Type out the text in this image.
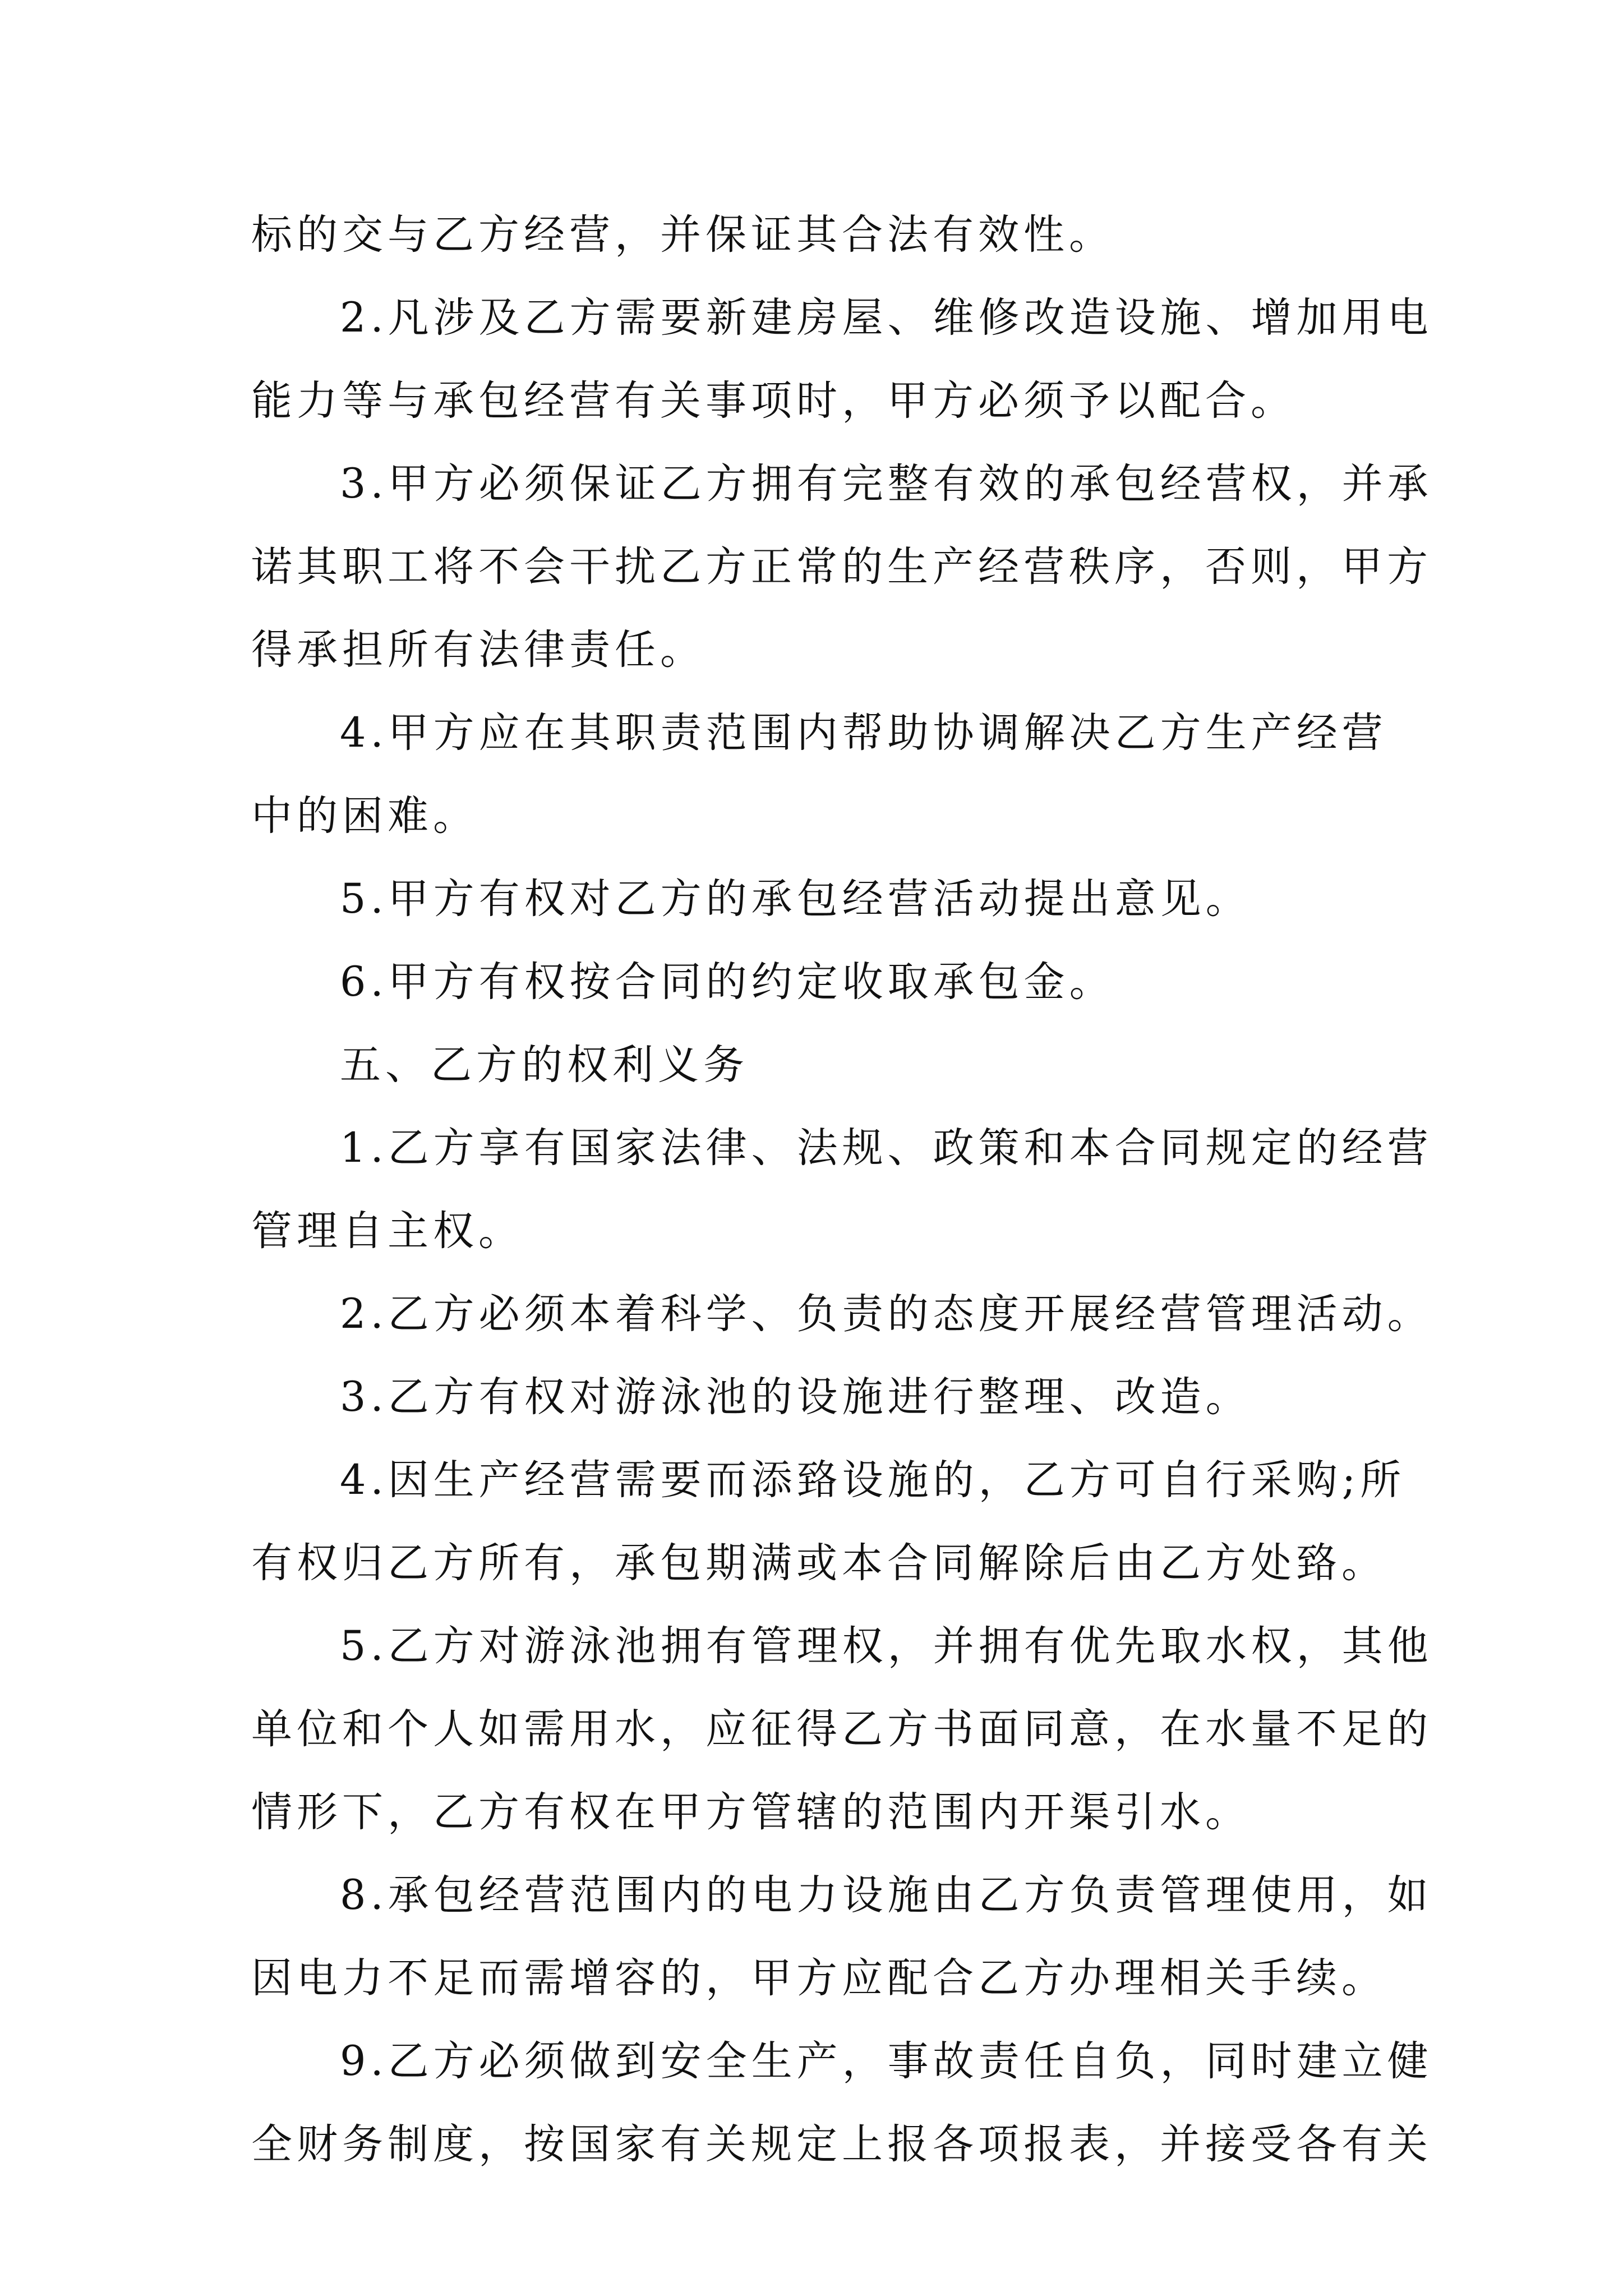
标的交与乙方经营，并保证其合法有效性。

2.凡涉及乙方需要新建房屋、维修改造设施、增加用电

能力等与承包经营有关事项时，甲方必须予以配合。

3.甲方必须保证乙方拥有完整有效的承包经营权，并承

诺其职工将不会干扰乙方正常的生产经营秩序，否则，甲方

得承担所有法律责任。

4.甲方应在其职责范围内帮助协调解决乙方生产经营

中的困难。

5.甲方有权对乙方的承包经营活动提出意见。

6.甲方有权按合同的约定收取承包金。

五、乙方的权利义务

1.乙方享有国家法律、法规、政策和本合同规定的经营

管理自主权。

2.乙方必须本着科学、负责的态度开展经营管理活动。

3.乙方有权对游泳池的设施进行整理、改造。

4.因生产经营需要而添臵设施的，乙方可自行采购;所

有权归乙方所有，承包期满或本合同解除后由乙方处臵。

5.乙方对游泳池拥有管理权，并拥有优先取水权，其他

单位和个人如需用水，应征得乙方书面同意，在水量不足的

情形下，乙方有权在甲方管辖的范围内开渠引水。

8.承包经营范围内的电力设施由乙方负责管理使用，如

因电力不足而需增容的，甲方应配合乙方办理相关手续。

9.乙方必须做到安全生产，事故责任自负，同时建立健

全财务制度，按国家有关规定上报各项报表，并接受各有关
